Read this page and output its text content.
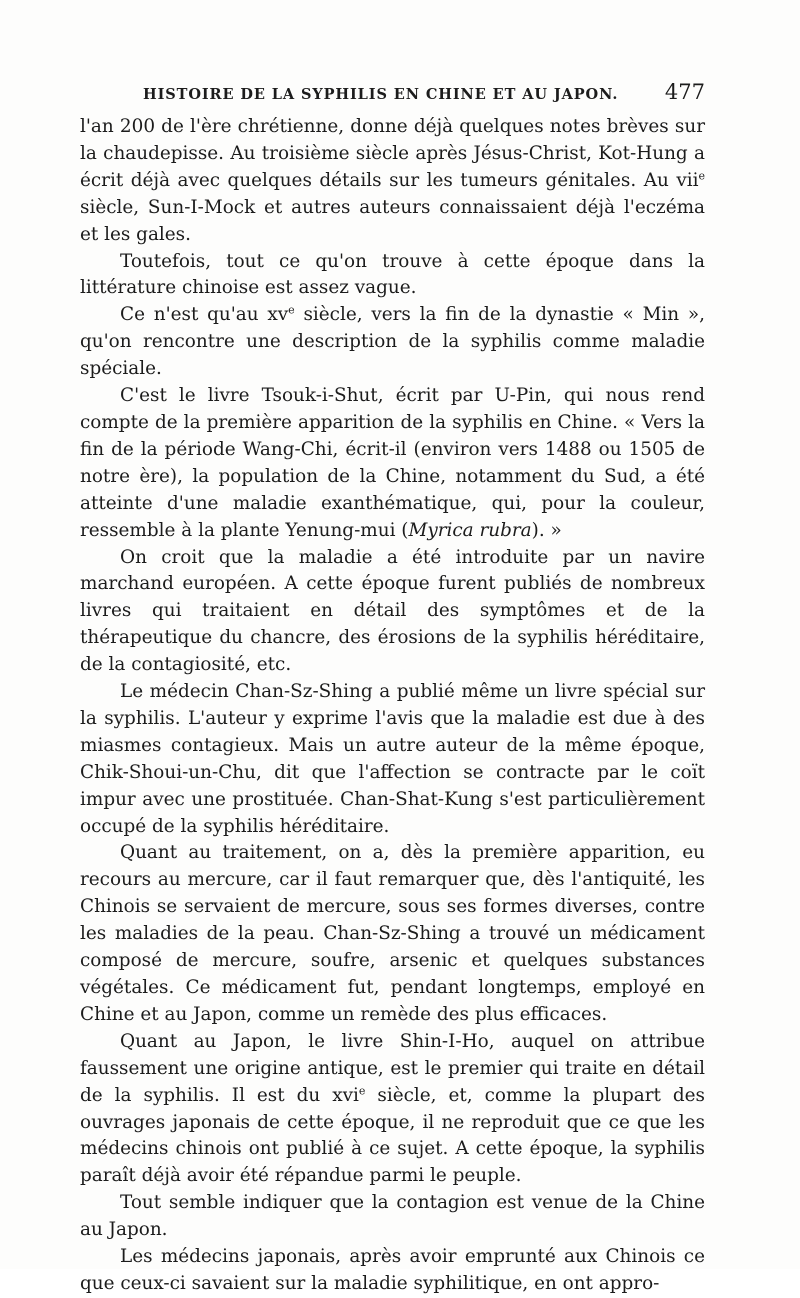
HISTOIRE DE LA SYPHILIS EN CHINE ET AU JAPON. 477

l'an 200 de l'ère chrétienne, donne déjà quelques notes brèves sur la chaudepisse. Au troisième siècle après Jésus-Christ, Kot-Hung a écrit déjà avec quelques détails sur les tumeurs génitales. Au vii$^e$ siècle, Sun-I-Mock et autres auteurs connaissaient déjà l'eczéma et les gales.

Toutefois, tout ce qu'on trouve à cette époque dans la littérature chinoise est assez vague.

Ce n'est qu'au $xv^e$ siècle, vers la fin de la dynastie « Min », qu'on rencontre une description de la syphilis comme maladie spéciale.

C'est le livre Tsouk-i-Shut, écrit par U-Pin, qui nous rend compte de la première apparition de la syphilis en Chine. « Vers la fin de la période Wang-Chi, écrit-il (environ vers 1488 ou 1505 de notre ère), la population de la Chine, notamment du Sud, a été atteinte d'une maladie exanthématique, qui, pour la couleur, ressemble à la plante Yenung-mui (Myrica rubra). »

On croit que la maladie a été introduite par un navire marchand européen. A cette époque furent publiés de nombreux livres qui traitaient en détail des symptômes et de la thérapeutique du chancre, des érosions de la syphilis héréditaire, de la contagiosité, etc.

Le médecin Chan-Sz-Shing a publié même un livre spécial sur la syphilis. L'auteur y exprime l'avis que la maladie est due à des miasmes contagieux. Mais un autre auteur de la même époque, Chik-Shoui-un-Chu, dit que l'affection se contracte par le coït impur avec une prostituée. Chan-Shat-Kung s'est particulièrement occupé de la syphilis héréditaire.

Quant au traitement, on a, dès la première apparition, eu recours au mercure, car il faut remarquer que, dès l'antiquité, les Chinois se servaient de mercure, sous ses formes diverses, contre les maladies de la peau. Chan-Sz-Shing a trouvé un médicament composé de mercure, soufre, arsenic et quelques substances végétales. Ce médicament fut, pendant longtemps, employé en Chine et au Japon, comme un remède des plus efficaces.

Quant au Japon, le livre Shin-I-Ho, auquel on attribue faussement une origine antique, est le premier qui traite en détail de la syphilis. Il est du xvi$^e$ siècle, et, comme la plupart des ouvrages japonais de cette époque, il ne reproduit que ce que les médecins chinois ont publié à ce sujet. A cette époque, la syphilis paraît déjà avoir été répandue parmi le peuple.

Tout semble indiquer que la contagion est venue de la Chine au Japon.

Les médecins japonais, après avoir emprunté aux Chinois ce que ceux-ci savaient sur la maladie syphilitique, en ont appro-
